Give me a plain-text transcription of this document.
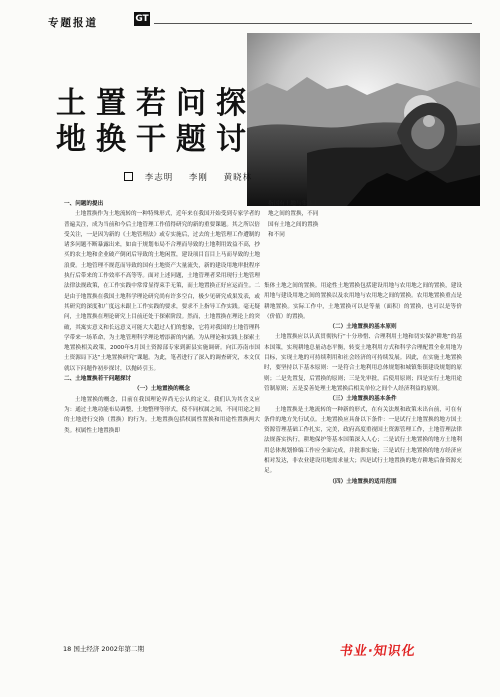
专题报道	GT
土置若问探
地换干题讨
李志明 李刚 黄晓林

一、问题的提出

土地置换作为土地流转的一种特殊形式，近年来在我国开始受到专家学者的普遍关注，成为当前和今后土地管理工作值得研究的新的重要课题。其之所以倍受关注，一是因为新的《土地管理法》或专实施后，过去的土地管理工作遭制的诸多问题不断暴露出来，如由于规划布局不合理而导致的土地利用效益不高，抄买的农土地和企业破产倒闭后导致的土地闲置，建设项目盲目上马而导致的土地浪费。土地管理不规范而导致的国有土地资产大量流失，新的建设用地审批程序执行后带来的工作效率不高等等。面对上述问题，土地管理者采用现行土地管理法律法规政策，在工作实践中常常显得束手无策，而土地置换正好应运而生。二是由于地置换在我国土地科学理论研究尚有许多空白，极少见研究成果发表，或其研究的深度和广度远未跟上工作实践的要求，要求不上指导工作实践。毫无疑问，土地置换在理论研究上目前还处于探索阶段。然而，土地置换在理论上的突破，其寓实意义和长远意义可能大大超过人们的想象，它将对我国的土地管理科学带来一场革命，为土地管理科学理论增添新的内涵。为从理论和实践上探索土地置换相关政策，2000年5月国土资源部专家到新县实施调研。向江苏南市国土资源局下达“土地置换研究”课题。为此，笔者进行了深入的调查研究，本文仅就以下问题作初步探讨，以抛砖引玉。

二、土地置换若干问题探讨

（一）土地置换的概念

土地置换的概念，目前在我国理论界尚无公认的定义。我们认为其含义应为：通过土地功能布局调整，土地整理等形式，使不同权属之间，不同用途之间的土地进行交换（置换）的行为。土地置换包括权属性置换和用途性置换两大类。权属性土地置换即

指国有土地与集体土地之间的置换，不同国有土地之间的置换和不同

集体土地之间的置换。用途性土地置换包括建设用地与农用地之间的置换，建设用地与建设用地之间的置换以及农用地与农用地之间的置换。农用地置换重点是耕地置换。实际工作中，土地置换可以是等量（面积）的置换，也可以是等价（价值）的置换。

（二）土地置换的基本原则

土地置换应以认真贯彻执行“十分珍惜、合理利用土地和切实保护耕地”的基本国策，实现耕地总量动态平衡，转变土地利用方式和科学合理配置全业用地为目标，实现土地的可持续利用和社会经济的可持续发展。因此，在实施土地置换时，要坚持以下基本原则：一是符合土地利用总体规划和城镇集镇建设规划的原则；二是先置复，后置换的原则；三是先审批，后使用原则；四是实行土地用途管制原则；五是妥善处理土地置换后相关单位之间个人经济利益的原则。

（三）土地置换的基本条件

土地置换是土地流转的一种新的形式，在有关法规和政策未出台前，可在有条件的地方先行试点。土地置换应具备以下条件：一是试行土地置换的地方国土资源管理基础工作扎实，完美，政府高度重视国土资源管理工作，土地管理法律法规落实执行，耕地保护等基本国策深入人心；二是试行土地置换的地方土地利用总体规划修编工作应全面完成，并批准实施；三是试行土地置换的地方经济应相对发达，非农业建设用地需求量大；四是试行土地置换的地方耕地后备资源充足。

（四）土地置换的适用范围

18 国土经济 2002年第二期	书业·知识化
